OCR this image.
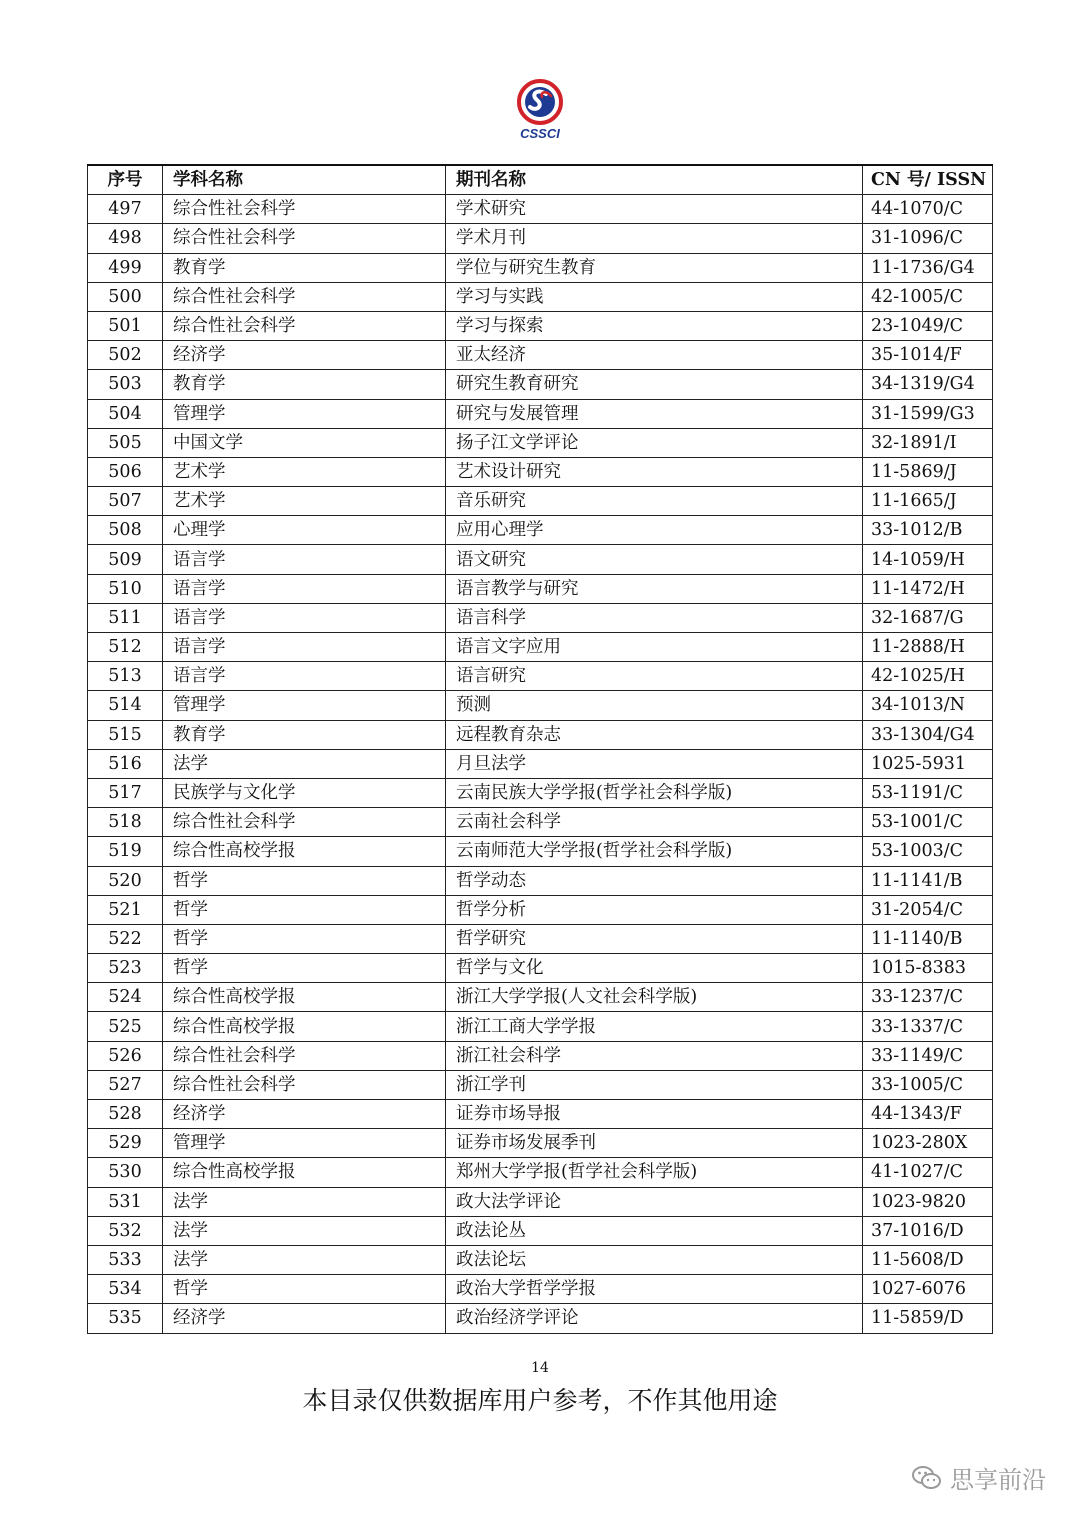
CSSCI
序号	学科名称	期刊名称	CN 号/ ISSN
497	综合性社会科学	学术研究	44-1070/C
498	综合性社会科学	学术月刊	31-1096/C
499	教育学	学位与研究生教育	11-1736/G4
500	综合性社会科学	学习与实践	42-1005/C
501	综合性社会科学	学习与探索	23-1049/C
502	经济学	亚太经济	35-1014/F
503	教育学	研究生教育研究	34-1319/G4
504	管理学	研究与发展管理	31-1599/G3
505	中国文学	扬子江文学评论	32-1891/I
506	艺术学	艺术设计研究	11-5869/J
507	艺术学	音乐研究	11-1665/J
508	心理学	应用心理学	33-1012/B
509	语言学	语文研究	14-1059/H
510	语言学	语言教学与研究	11-1472/H
511	语言学	语言科学	32-1687/G
512	语言学	语言文字应用	11-2888/H
513	语言学	语言研究	42-1025/H
514	管理学	预测	34-1013/N
515	教育学	远程教育杂志	33-1304/G4
516	法学	月旦法学	1025-5931
517	民族学与文化学	云南民族大学学报(哲学社会科学版)	53-1191/C
518	综合性社会科学	云南社会科学	53-1001/C
519	综合性高校学报	云南师范大学学报(哲学社会科学版)	53-1003/C
520	哲学	哲学动态	11-1141/B
521	哲学	哲学分析	31-2054/C
522	哲学	哲学研究	11-1140/B
523	哲学	哲学与文化	1015-8383
524	综合性高校学报	浙江大学学报(人文社会科学版)	33-1237/C
525	综合性高校学报	浙江工商大学学报	33-1337/C
526	综合性社会科学	浙江社会科学	33-1149/C
527	综合性社会科学	浙江学刊	33-1005/C
528	经济学	证券市场导报	44-1343/F
529	管理学	证券市场发展季刊	1023-280X
530	综合性高校学报	郑州大学学报(哲学社会科学版)	41-1027/C
531	法学	政大法学评论	1023-9820
532	法学	政法论丛	37-1016/D
533	法学	政法论坛	11-5608/D
534	哲学	政治大学哲学学报	1027-6076
535	经济学	政治经济学评论	11-5859/D
14
本目录仅供数据库用户参考，不作其他用途
思享前沿
